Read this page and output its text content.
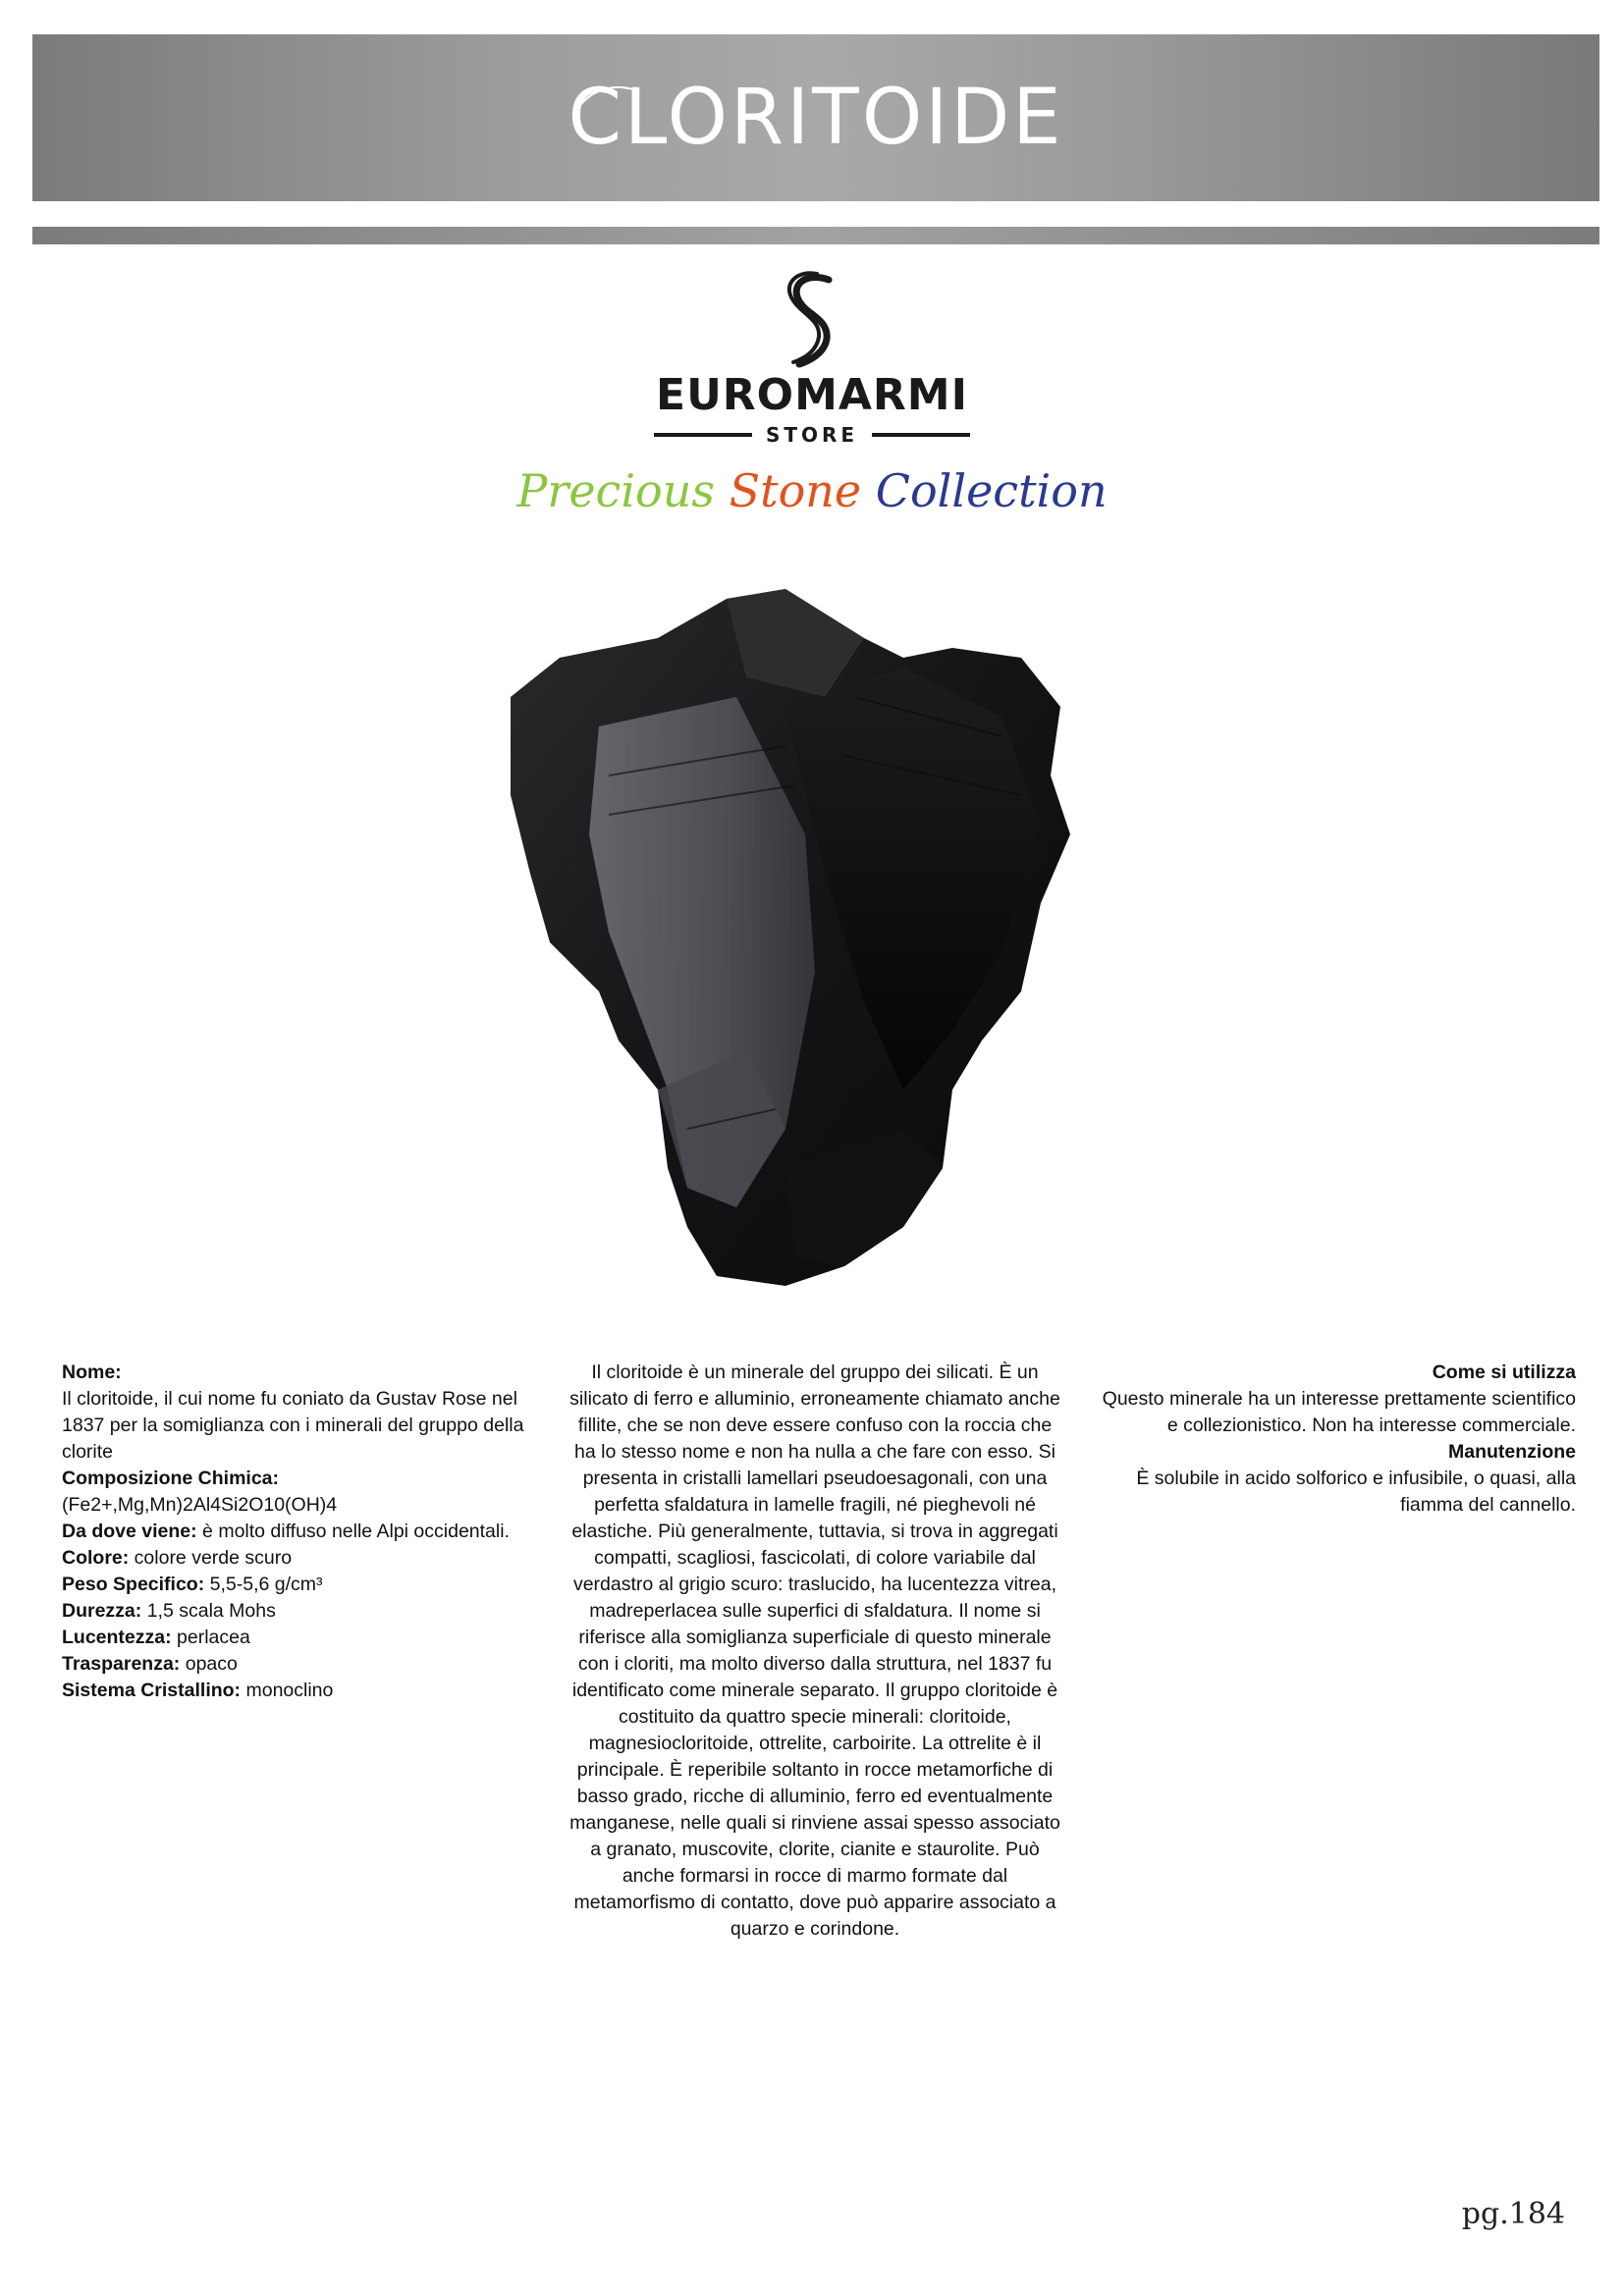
CLORITOIDE
EUROMARMI
STORE
Precious Stone Collection

Nome:

Il cloritoide, il cui nome fu coniato da Gustav Rose nel 1837 per la somiglianza con i minerali del gruppo della clorite

Composizione Chimica:

(Fe2+,Mg,Mn)2Al4Si2O10(OH)4

Da dove viene: è molto diffuso nelle Alpi occidentali.

Colore: colore verde scuro

Peso Specifico: 5,5-5,6 g/cm³

Durezza: 1,5 scala Mohs

Lucentezza: perlacea

Trasparenza: opaco

Sistema Cristallino: monoclino

Il cloritoide è un minerale del gruppo dei silicati. È un silicato di ferro e alluminio, erroneamente chiamato anche fillite, che se non deve essere confuso con la roccia che ha lo stesso nome e non ha nulla a che fare con esso. Si presenta in cristalli lamellari pseudoesagonali, con una perfetta sfaldatura in lamelle fragili, né pieghevoli né elastiche. Più generalmente, tuttavia, si trova in aggregati compatti, scagliosi, fascicolati, di colore variabile dal verdastro al grigio scuro: traslucido, ha lucentezza vitrea, madreperlacea sulle superfici di sfaldatura. Il nome si riferisce alla somiglianza superficiale di questo minerale con i cloriti, ma molto diverso dalla struttura, nel 1837 fu identificato come minerale separato. Il gruppo cloritoide è costituito da quattro specie minerali: cloritoide, magnesiocloritoide, ottrelite, carboirite. La ottrelite è il principale. È reperibile soltanto in rocce metamorfiche di basso grado, ricche di alluminio, ferro ed eventualmente manganese, nelle quali si rinviene assai spesso associato a granato, muscovite, clorite, cianite e staurolite. Può anche formarsi in rocce di marmo formate dal metamorfismo di contatto, dove può apparire associato a quarzo e corindone.

Come si utilizza

Questo minerale ha un interesse prettamente scientifico e collezionistico. Non ha interesse commerciale.

Manutenzione

È solubile in acido solforico e infusibile, o quasi, alla fiamma del cannello.

pg.184
